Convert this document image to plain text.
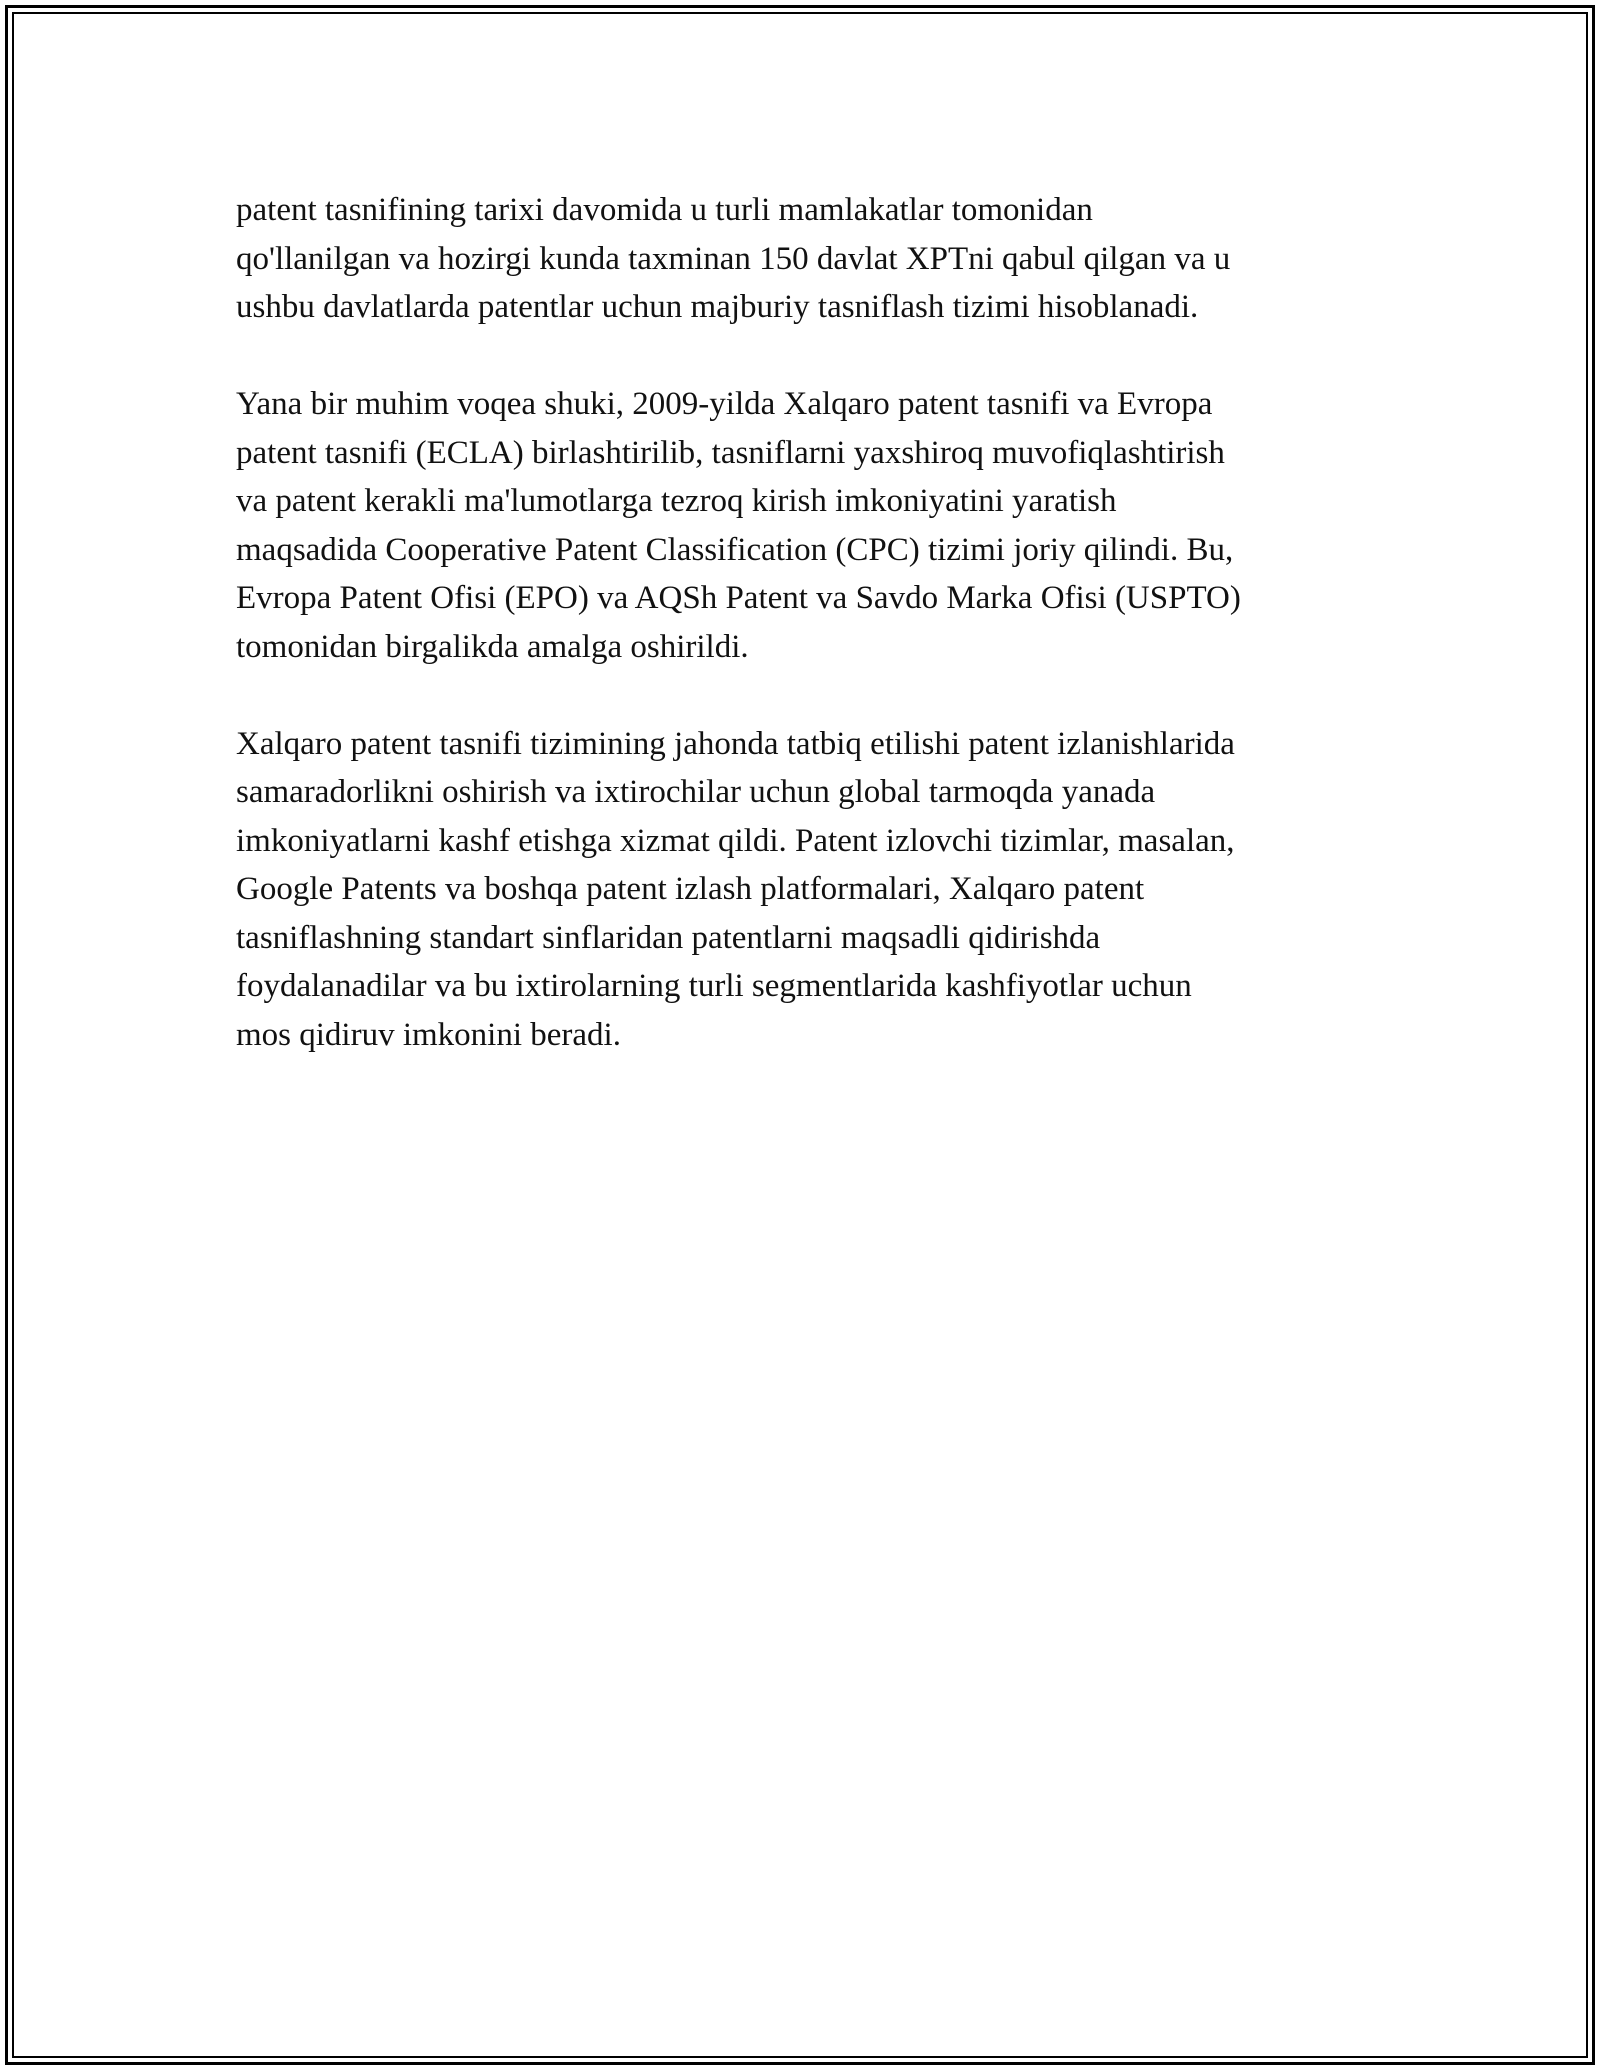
patent tasnifining tarixi davomida u turli mamlakatlar tomonidan
qo'llanilgan va hozirgi kunda taxminan 150 davlat XPTni qabul qilgan va u
ushbu davlatlarda patentlar uchun majburiy tasniflash tizimi hisoblanadi.

Yana bir muhim voqea shuki, 2009-yilda Xalqaro patent tasnifi va Evropa
patent tasnifi (ECLA) birlashtirilib, tasniflarni yaxshiroq muvofiqlashtirish
va patent kerakli ma'lumotlarga tezroq kirish imkoniyatini yaratish
maqsadida Cooperative Patent Classification (CPC) tizimi joriy qilindi. Bu,
Evropa Patent Ofisi (EPO) va AQSh Patent va Savdo Marka Ofisi (USPTO)
tomonidan birgalikda amalga oshirildi.

Xalqaro patent tasnifi tizimining jahonda tatbiq etilishi patent izlanishlarida
samaradorlikni oshirish va ixtirochilar uchun global tarmoqda yanada
imkoniyatlarni kashf etishga xizmat qildi. Patent izlovchi tizimlar, masalan,
Google Patents va boshqa patent izlash platformalari, Xalqaro patent
tasniflashning standart sinflaridan patentlarni maqsadli qidirishda
foydalanadilar va bu ixtirolarning turli segmentlarida kashfiyotlar uchun
mos qidiruv imkonini beradi.
